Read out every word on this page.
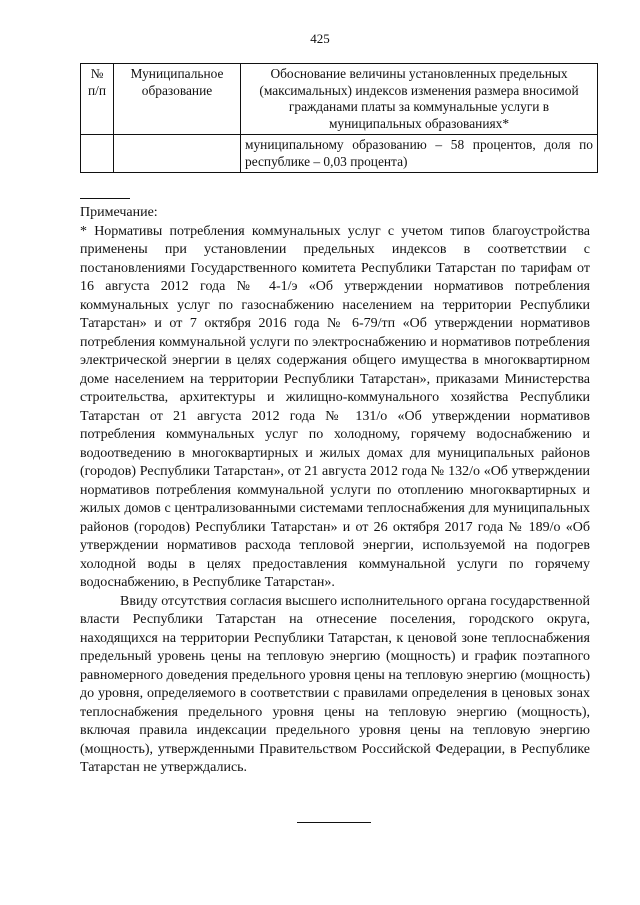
425
№ п/п	Муниципальное образование	Обоснование величины установленных предельных (максимальных) индексов изменения размера вносимой гражданами платы за коммунальные услуги в муниципальных образованиях*
		муниципальному образованию – 58 процентов, доля по республике – 0,03 процента)

Примечание:

* Нормативы потребления коммунальных услуг с учетом типов благоустройства применены при установлении предельных индексов в соответствии с постановлениями Государственного комитета Республики Татарстан по тарифам от 16 августа 2012 года № 4-1/э «Об утверждении нормативов потребления коммунальных услуг по газоснабжению населением на территории Республики Татарстан» и от 7 октября 2016 года № 6-79/тп «Об утверждении нормативов потребления коммунальной услуги по электроснабжению и нормативов потребления электрической энергии в целях содержания общего имущества в многоквартирном доме населением на территории Республики Татарстан», приказами Министерства строительства, архитектуры и жилищно-коммунального хозяйства Республики Татарстан от 21 августа 2012 года № 131/о «Об утверждении нормативов потребления коммунальных услуг по холодному, горячему водоснабжению и водоотведению в многоквартирных и жилых домах для муниципальных районов (городов) Республики Татарстан», от 21 августа 2012 года № 132/о «Об утверждении нормативов потребления коммунальной услуги по отоплению многоквартирных и жилых домов с централизованными системами теплоснабжения для муниципальных районов (городов) Республики Татарстан» и от 26 октября 2017 года № 189/о «Об утверждении нормативов расхода тепловой энергии, используемой на подогрев холодной воды в целях предоставления коммунальной услуги по горячему водоснабжению, в Республике Татарстан».

Ввиду отсутствия согласия высшего исполнительного органа государственной власти Республики Татарстан на отнесение поселения, городского округа, находящихся на территории Республики Татарстан, к ценовой зоне теплоснабжения предельный уровень цены на тепловую энергию (мощность) и график поэтапного равномерного доведения предельного уровня цены на тепловую энергию (мощность) до уровня, определяемого в соответствии с правилами определения в ценовых зонах теплоснабжения предельного уровня цены на тепловую энергию (мощность), включая правила индексации предельного уровня цены на тепловую энергию (мощность), утвержденными Правительством Российской Федерации, в Республике Татарстан не утверждались.
